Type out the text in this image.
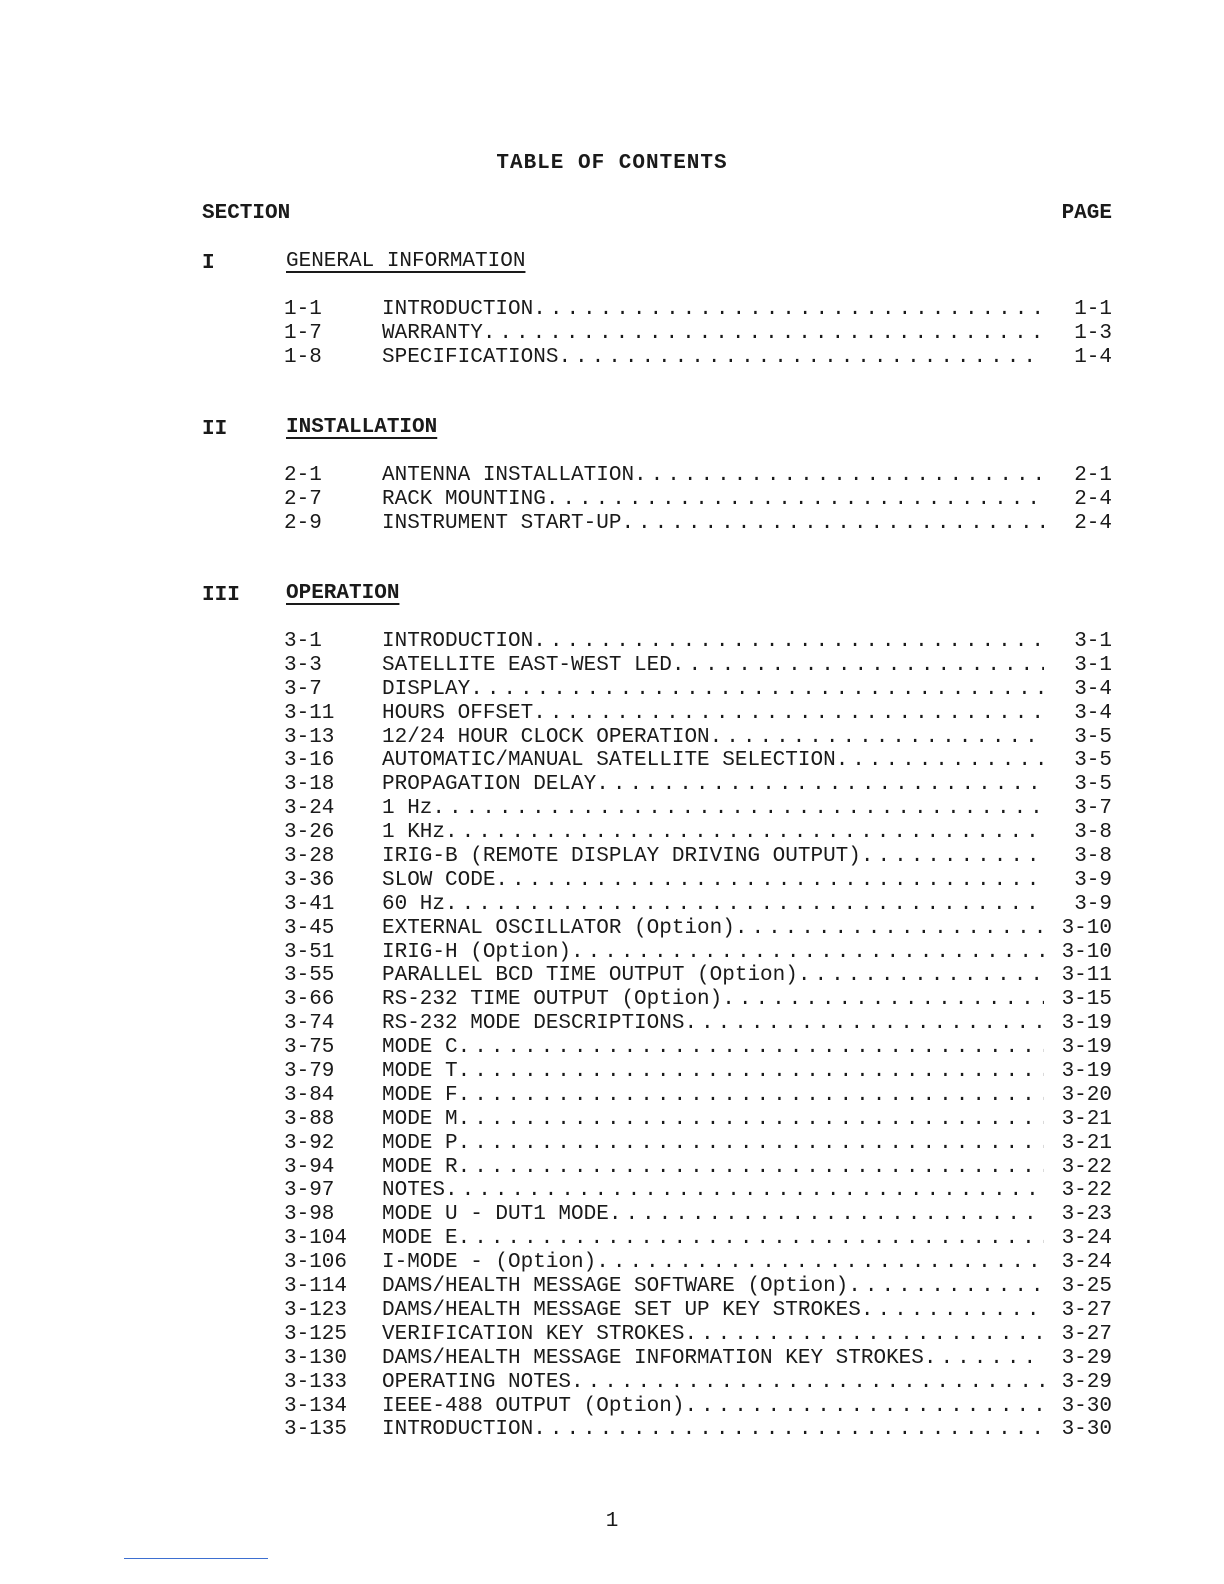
TABLE OF CONTENTS
SECTION	PAGE
I	GENERAL INFORMATION
1-1	INTRODUCTION . . .	1-1
1-7	WARRANTY . . .	1-3
1-8	SPECIFICATIONS . . .	1-4
II	INSTALLATION
2-1	ANTENNA INSTALLATION . . .	2-1
2-7	RACK MOUNTING . . .	2-4
2-9	INSTRUMENT START-UP . . .	2-4
III OPERATION
3-1	INTRODUCTION . . .	3-1
3-3	SATELLITE EAST-WEST LED . . .	3-1
3-7	DISPLAY . . .	3-4
3-11	HOURS OFFSET . . .	3-4
3-13	12/24 HOUR CLOCK OPERATION . . .	3-5
3-16	AUTOMATIC/MANUAL SATELLITE SELECTION . . .	3-5
3-18	PROPAGATION DELAY . . .	3-5
3-24	1 Hz . . .	3-7
3-26	1 KHz . . .	3-8
3-28	IRIG-B (REMOTE DISPLAY DRIVING OUTPUT) . . .	3-8
3-36	SLOW CODE . . .	3-9
3-41	60 Hz . . .	3-9
3-45	EXTERNAL OSCILLATOR (Option) . . .	3-10
3-51	IRIG-H (Option) . . .	3-10
3-55	PARALLEL BCD TIME OUTPUT (Option) . . .	3-11
3-66	RS-232 TIME OUTPUT (Option) . . .	3-15
3-74	RS-232 MODE DESCRIPTIONS . . .	3-19
3-75	MODE C . . .	3-19
3-79	MODE T . . .	3-19
3-84	MODE F . . .	3-20
3-88	MODE M . . .	3-21
3-92	MODE P . . .	3-21
3-94	MODE R . . .	3-22
3-97	NOTES . . .	3-22
3-98	MODE U - DUT1 MODE . . .	3-23
3-104	MODE E . . .	3-24
3-106	I-MODE - (Option) . . .	3-24
3-114	DAMS/HEALTH MESSAGE SOFTWARE (Option) . . .	3-25
3-123	DAMS/HEALTH MESSAGE SET UP KEY STROKES . . .	3-27
3-125	VERIFICATION KEY STROKES . . .	3-27
3-130	DAMS/HEALTH MESSAGE INFORMATION KEY STROKES . . .	3-29
3-133	OPERATING NOTES . . .	3-29
3-134	IEEE-488 OUTPUT (Option) . . .	3-30
3-135	INTRODUCTION . . .	3-30
1
